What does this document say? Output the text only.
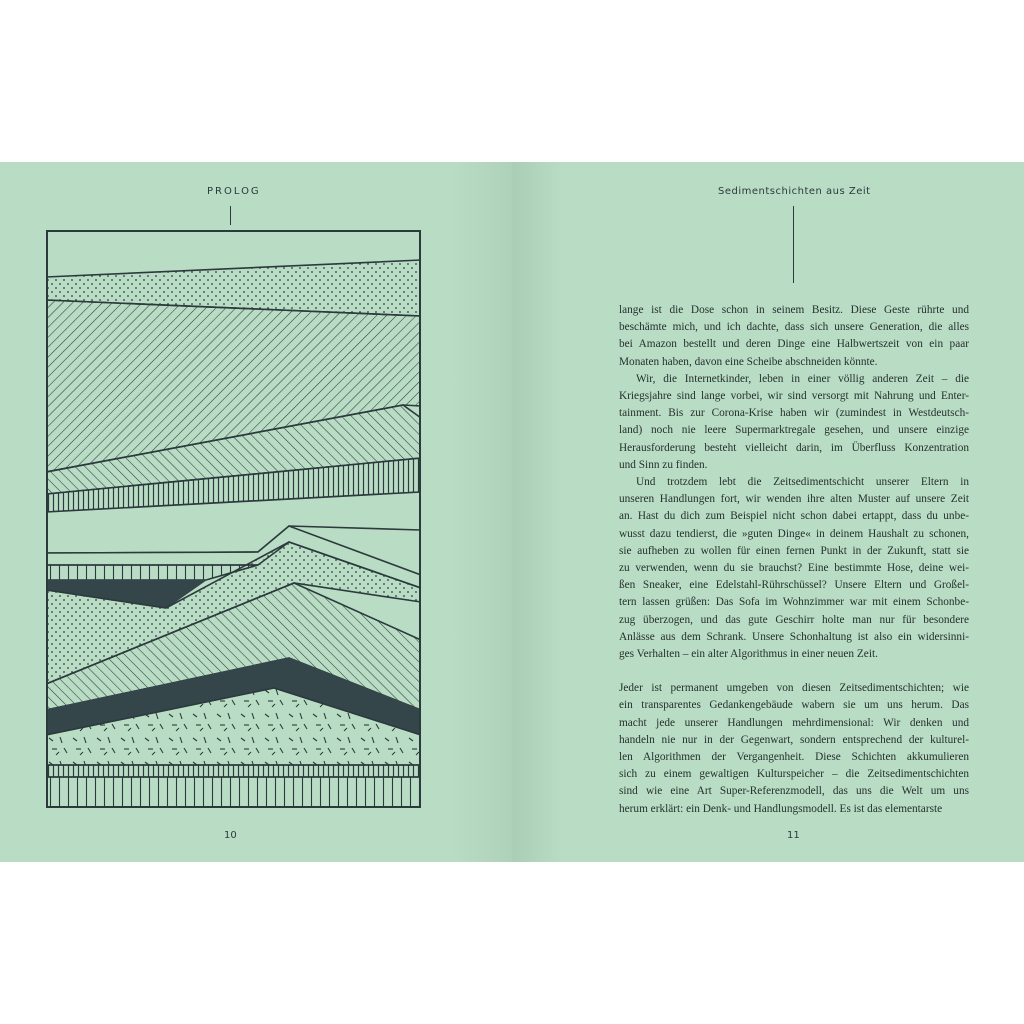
PROLOG
10
Sedimentschichten aus Zeit

lange ist die Dose schon in seinem Besitz. Diese Geste rührte und
beschämte mich, und ich dachte, dass sich unsere Generation, die alles
bei Amazon bestellt und deren Dinge eine Halbwertszeit von ein paar
Monaten haben, davon eine Scheibe abschneiden könnte.

Wir, die Internetkinder, leben in einer völlig anderen Zeit – die
Kriegsjahre sind lange vorbei, wir sind versorgt mit Nahrung und Enter-
tainment. Bis zur Corona-Krise haben wir (zumindest in Westdeutsch-
land) noch nie leere Supermarktregale gesehen, und unsere einzige
Herausforderung besteht vielleicht darin, im Überfluss Konzentration
und Sinn zu finden.

Und trotzdem lebt die Zeitsedimentschicht unserer Eltern in
unseren Handlungen fort, wir wenden ihre alten Muster auf unsere Zeit
an. Hast du dich zum Beispiel nicht schon dabei ertappt, dass du unbe-
wusst dazu tendierst, die »guten Dinge« in deinem Haushalt zu schonen,
sie aufheben zu wollen für einen fernen Punkt in der Zukunft, statt sie
zu verwenden, wenn du sie brauchst? Eine bestimmte Hose, deine wei-
ßen Sneaker, eine Edelstahl-Rührschüssel? Unsere Eltern und Großel-
tern lassen grüßen: Das Sofa im Wohnzimmer war mit einem Schonbe-
zug überzogen, und das gute Geschirr holte man nur für besondere
Anlässe aus dem Schrank. Unsere Schonhaltung ist also ein widersinni-
ges Verhalten – ein alter Algorithmus in einer neuen Zeit.

Jeder ist permanent umgeben von diesen Zeitsedimentschichten; wie
ein transparentes Gedankengebäude wabern sie um uns herum. Das
macht jede unserer Handlungen mehrdimensional: Wir denken und
handeln nie nur in der Gegenwart, sondern entsprechend der kulturel-
len Algorithmen der Vergangenheit. Diese Schichten akkumulieren
sich zu einem gewaltigen Kulturspeicher – die Zeitsedimentschichten
sind wie eine Art Super-Referenzmodell, das uns die Welt um uns
herum erklärt: ein Denk- und Handlungsmodell. Es ist das elementarste

11
